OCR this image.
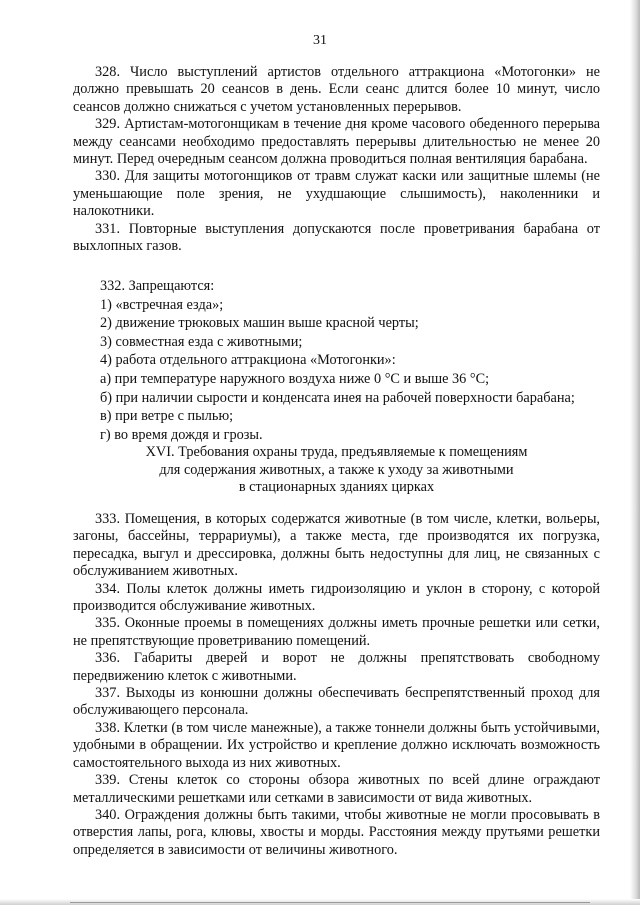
31

328. Число выступлений артистов отдельного аттракциона «Мотогонки» не должно превышать 20 сеансов в день. Если сеанс длится более 10 минут, число сеансов должно снижаться с учетом установленных перерывов.

329. Артистам-мотогонщикам в течение дня кроме часового обеденного перерыва между сеансами необходимо предоставлять перерывы длительностью не менее 20 минут. Перед очередным сеансом должна проводиться полная вентиляция барабана.

330. Для защиты мотогонщиков от травм служат каски или защитные шлемы (не уменьшающие поле зрения, не ухудшающие слышимость), наколенники и налокотники.

331. Повторные выступления допускаются после проветривания барабана от выхлопных газов.

332. Запрещаются:
1) «встречная езда»;
2) движение трюковых машин выше красной черты;
3) совместная езда с животными;
4) работа отдельного аттракциона «Мотогонки»:
а) при температуре наружного воздуха ниже 0 °С и выше 36 °С;
б) при наличии сырости и конденсата инея на рабочей поверхности барабана;
в) при ветре с пылью;
г) во время дождя и грозы.
XVI. Требования охраны труда, предъявляемые к помещениям
для содержания животных, а также к уходу за животными
в стационарных зданиях цирках

333. Помещения, в которых содержатся животные (в том числе, клетки, вольеры, загоны, бассейны, террариумы), а также места, где производятся их погрузка, пересадка, выгул и дрессировка, должны быть недоступны для лиц, не связанных с обслуживанием животных.

334. Полы клеток должны иметь гидроизоляцию и уклон в сторону, с которой производится обслуживание животных.

335. Оконные проемы в помещениях должны иметь прочные решетки или сетки, не препятствующие проветриванию помещений.

336. Габариты дверей и ворот не должны препятствовать свободному передвижению клеток с животными.

337. Выходы из конюшни должны обеспечивать беспрепятственный проход для обслуживающего персонала.

338. Клетки (в том числе манежные), а также тоннели должны быть устойчивыми, удобными в обращении. Их устройство и крепление должно исключать возможность самостоятельного выхода из них животных.

339. Стены клеток со стороны обзора животных по всей длине ограждают металлическими решетками или сетками в зависимости от вида животных.

340. Ограждения должны быть такими, чтобы животные не могли просовывать в отверстия лапы, рога, клювы, хвосты и морды. Расстояния между прутьями решетки определяется в зависимости от величины животного.
